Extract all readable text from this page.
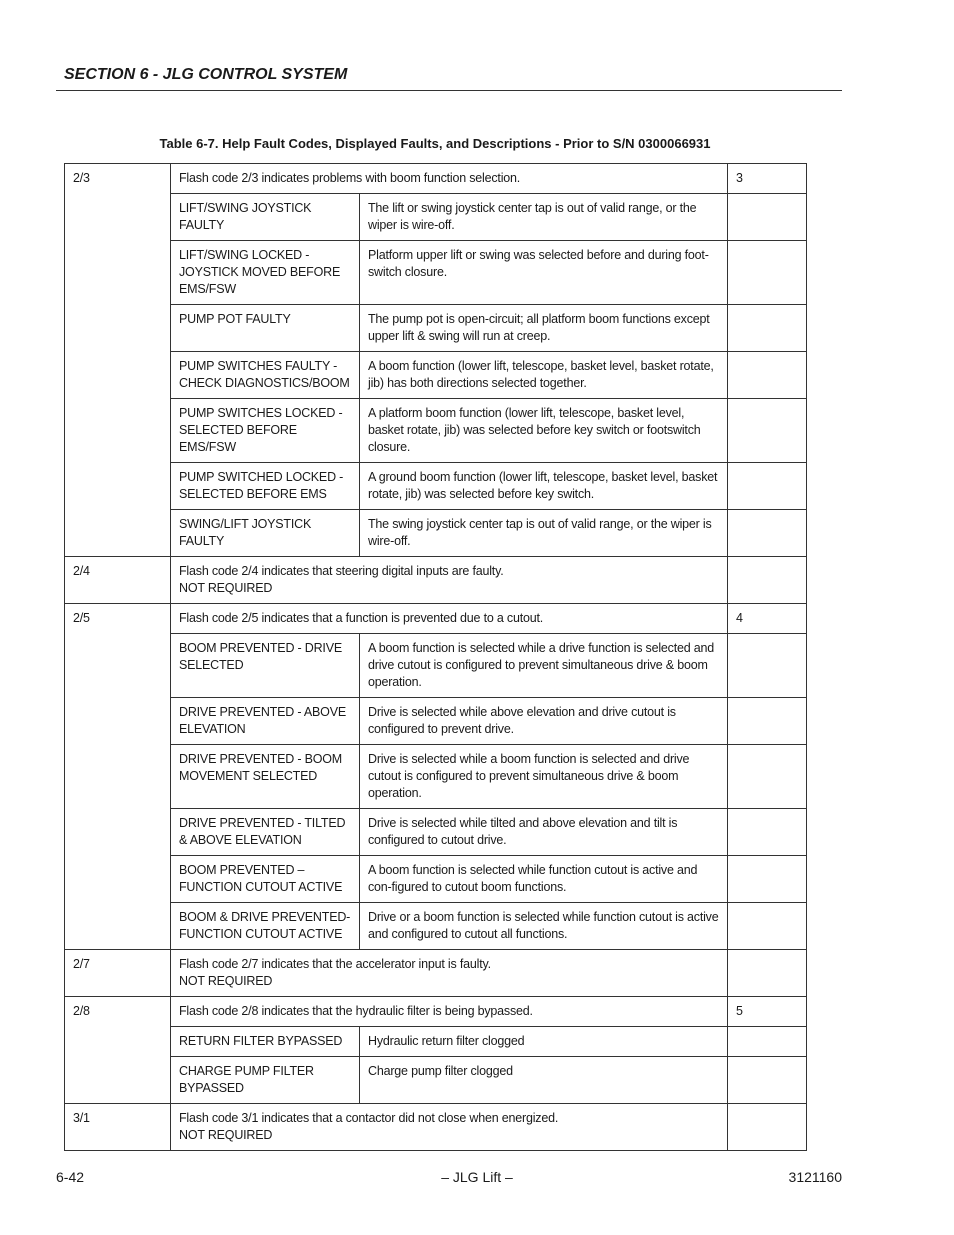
SECTION 6 - JLG CONTROL SYSTEM
Table 6-7. Help Fault Codes, Displayed Faults, and Descriptions - Prior to S/N 0300066931
2/3	Flash code 2/3 indicates problems with boom function selection.		3
	LIFT/SWING JOYSTICK FAULTY	The lift or swing joystick center tap is out of valid range, or the wiper is wire-off.	
	LIFT/SWING LOCKED - JOYSTICK MOVED BEFORE EMS/FSW	Platform upper lift or swing was selected before and during foot-switch closure.	
	PUMP POT FAULTY	The pump pot is open-circuit; all platform boom functions except upper lift & swing will run at creep.	
	PUMP SWITCHES FAULTY - CHECK DIAGNOSTICS/BOOM	A boom function (lower lift, telescope, basket level, basket rotate, jib) has both directions selected together.	
	PUMP SWITCHES LOCKED - SELECTED BEFORE EMS/FSW	A platform boom function (lower lift, telescope, basket level, basket rotate, jib) was selected before key switch or footswitch closure.	
	PUMP SWITCHED LOCKED - SELECTED BEFORE EMS	A ground boom function (lower lift, telescope, basket level, basket rotate, jib) was selected before key switch.	
	SWING/LIFT JOYSTICK FAULTY	The swing joystick center tap is out of valid range, or the wiper is wire-off.	
2/4	Flash code 2/4 indicates that steering digital inputs are faulty.
NOT REQUIRED		

2/5	Flash code 2/5 indicates that a function is prevented due to a cutout.		4
	BOOM PREVENTED - DRIVE SELECTED	A boom function is selected while a drive function is selected and drive cutout is configured to prevent simultaneous drive & boom operation.	
	DRIVE PREVENTED - ABOVE ELEVATION	Drive is selected while above elevation and drive cutout is configured to prevent drive.	
	DRIVE PREVENTED - BOOM MOVEMENT SELECTED	Drive is selected while a boom function is selected and drive cutout is configured to prevent simultaneous drive & boom operation.	
	DRIVE PREVENTED - TILTED & ABOVE ELEVATION	Drive is selected while tilted and above elevation and tilt is configured to cutout drive.	
	BOOM PREVENTED – FUNCTION CUTOUT ACTIVE	A boom function is selected while function cutout is active and con-figured to cutout boom functions.	
	BOOM & DRIVE PREVENTED-FUNCTION CUTOUT ACTIVE	Drive or a boom function is selected while function cutout is active and configured to cutout all functions.	
2/7	Flash code 2/7 indicates that the accelerator input is faulty.
NOT REQUIRED		

2/8	Flash code 2/8 indicates that the hydraulic filter is being bypassed.		5
	RETURN FILTER BYPASSED	Hydraulic return filter clogged	
	CHARGE PUMP FILTER BYPASSED	Charge pump filter clogged	
3/1	Flash code 3/1 indicates that a contactor did not close when energized.
NOT REQUIRED		

6-42	– JLG Lift –	3121160
